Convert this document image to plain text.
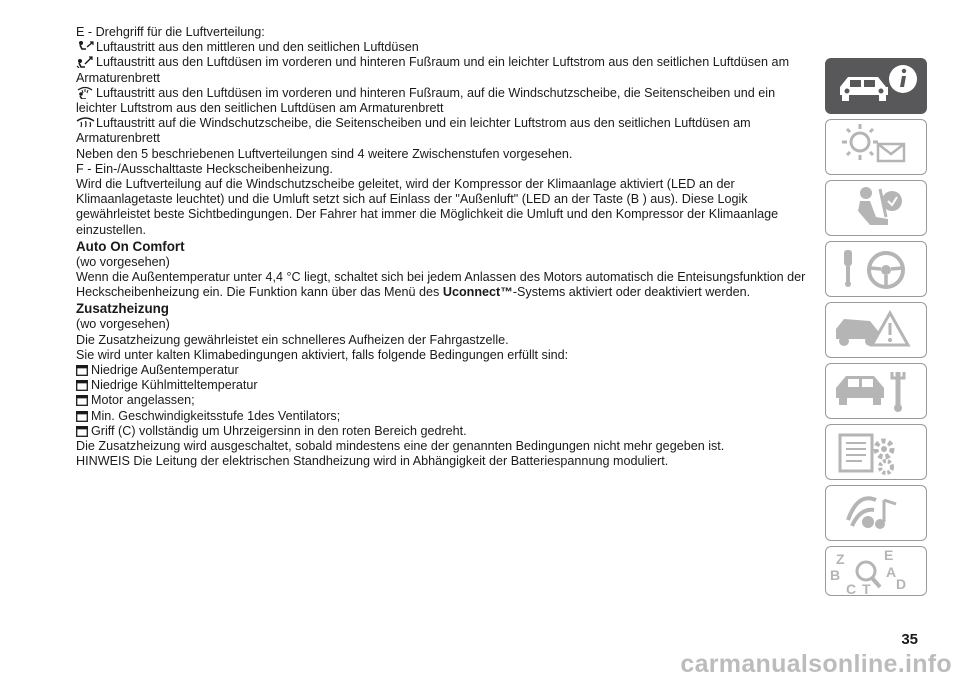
E - Drehgriff für die Luftverteilung:

Luftaustritt aus den mittleren und den seitlichen Luftdüsen

Luftaustritt aus den Luftdüsen im vorderen und hinteren Fußraum und ein leichter Luftstrom aus den seitlichen Luftdüsen am Armaturenbrett

Luftaustritt aus den Luftdüsen im vorderen und hinteren Fußraum, auf die Windschutzscheibe, die Seitenscheiben und ein leichter Luftstrom aus den seitlichen Luftdüsen am Armaturenbrett

Luftaustritt auf die Windschutzscheibe, die Seitenscheiben und ein leichter Luftstrom aus den seitlichen Luftdüsen am Armaturenbrett

Neben den 5 beschriebenen Luftverteilungen sind 4 weitere Zwischenstufen vorgesehen.

F - Ein-/Ausschalttaste Heckscheibenheizung.

Wird die Luftverteilung auf die Windschutzscheibe geleitet, wird der Kompressor der Klimaanlage aktiviert (LED an der Klimaanlagetaste leuchtet) und die Umluft setzt sich auf Einlass der "Außenluft" (LED an der Taste (B ) aus). Diese Logik gewährleistet beste Sichtbedingungen. Der Fahrer hat immer die Möglichkeit die Umluft und den Kompressor der Klimaanlage einzustellen.

Auto On Comfort

(wo vorgesehen)

Wenn die Außentemperatur unter 4,4 °C liegt, schaltet sich bei jedem Anlassen des Motors automatisch die Enteisungsfunktion der Heckscheibenheizung ein. Die Funktion kann über das Menü des Uconnect™-Systems aktiviert oder deaktiviert werden.

Zusatzheizung

(wo vorgesehen)

Die Zusatzheizung gewährleistet ein schnelleres Aufheizen der Fahrgastzelle.

Sie wird unter kalten Klimabedingungen aktiviert, falls folgende Bedingungen erfüllt sind:

Niedrige Außentemperatur
Niedrige Kühlmitteltemperatur
Motor angelassen;
Min. Geschwindigkeitsstufe 1des Ventilators;
Griff (C) vollständig um Uhrzeigersinn in den roten Bereich gedreht.

Die Zusatzheizung wird ausgeschaltet, sobald mindestens eine der genannten Bedingungen nicht mehr gegeben ist.

HINWEIS Die Leitung der elektrischen Standheizung wird in Abhängigkeit der Batteriespannung moduliert.

Z	E
B	A
C T D
35
carmanualsonline.info
